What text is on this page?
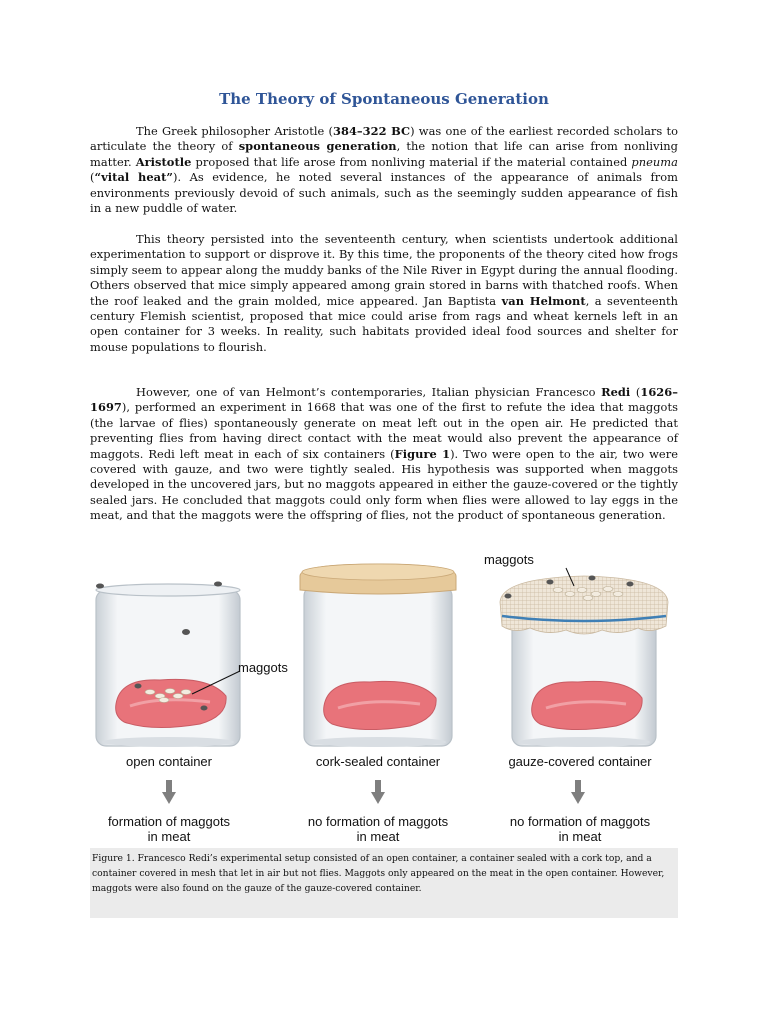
The Theory of Spontaneous Generation

The Greek philosopher Aristotle (384–322 BC) was one of the earliest recorded scholars to articulate the theory of spontaneous generation, the notion that life can arise from nonliving matter. Aristotle proposed that life arose from nonliving material if the material contained pneuma (“vital heat”). As evidence, he noted several instances of the appearance of animals from environments previously devoid of such animals, such as the seemingly sudden appearance of fish in a new puddle of water.

This theory persisted into the seventeenth century, when scientists undertook additional experimentation to support or disprove it. By this time, the proponents of the theory cited how frogs simply seem to appear along the muddy banks of the Nile River in Egypt during the annual flooding. Others observed that mice simply appeared among grain stored in barns with thatched roofs. When the roof leaked and the grain molded, mice appeared. Jan Baptista van Helmont, a seventeenth century Flemish scientist, proposed that mice could arise from rags and wheat kernels left in an open container for 3 weeks. In reality, such habitats provided ideal food sources and shelter for mouse populations to flourish.

However, one of van Helmont’s contemporaries, Italian physician Francesco Redi (1626–1697), performed an experiment in 1668 that was one of the first to refute the idea that maggots (the larvae of flies) spontaneously generate on meat left out in the open air. He predicted that preventing flies from having direct contact with the meat would also prevent the appearance of maggots. Redi left meat in each of six containers (Figure 1). Two were open to the air, two were covered with gauze, and two were tightly sealed. His hypothesis was supported when maggots developed in the uncovered jars, but no maggots appeared in either the gauze-covered or the tightly sealed jars. He concluded that maggots could only form when flies were allowed to lay eggs in the meat, and that the maggots were the offspring of flies, not the product of spontaneous generation.

maggots
maggots
open container	cork-sealed container	gauze-covered container
formation of maggots
in meat
no formation of maggots
in meat
no formation of maggots
in meat

Figure 1. Francesco Redi’s experimental setup consisted of an open container, a container sealed with a cork top, and a container covered in mesh that let in air but not flies. Maggots only appeared on the meat in the open container. However, maggots were also found on the gauze of the gauze-covered container.
